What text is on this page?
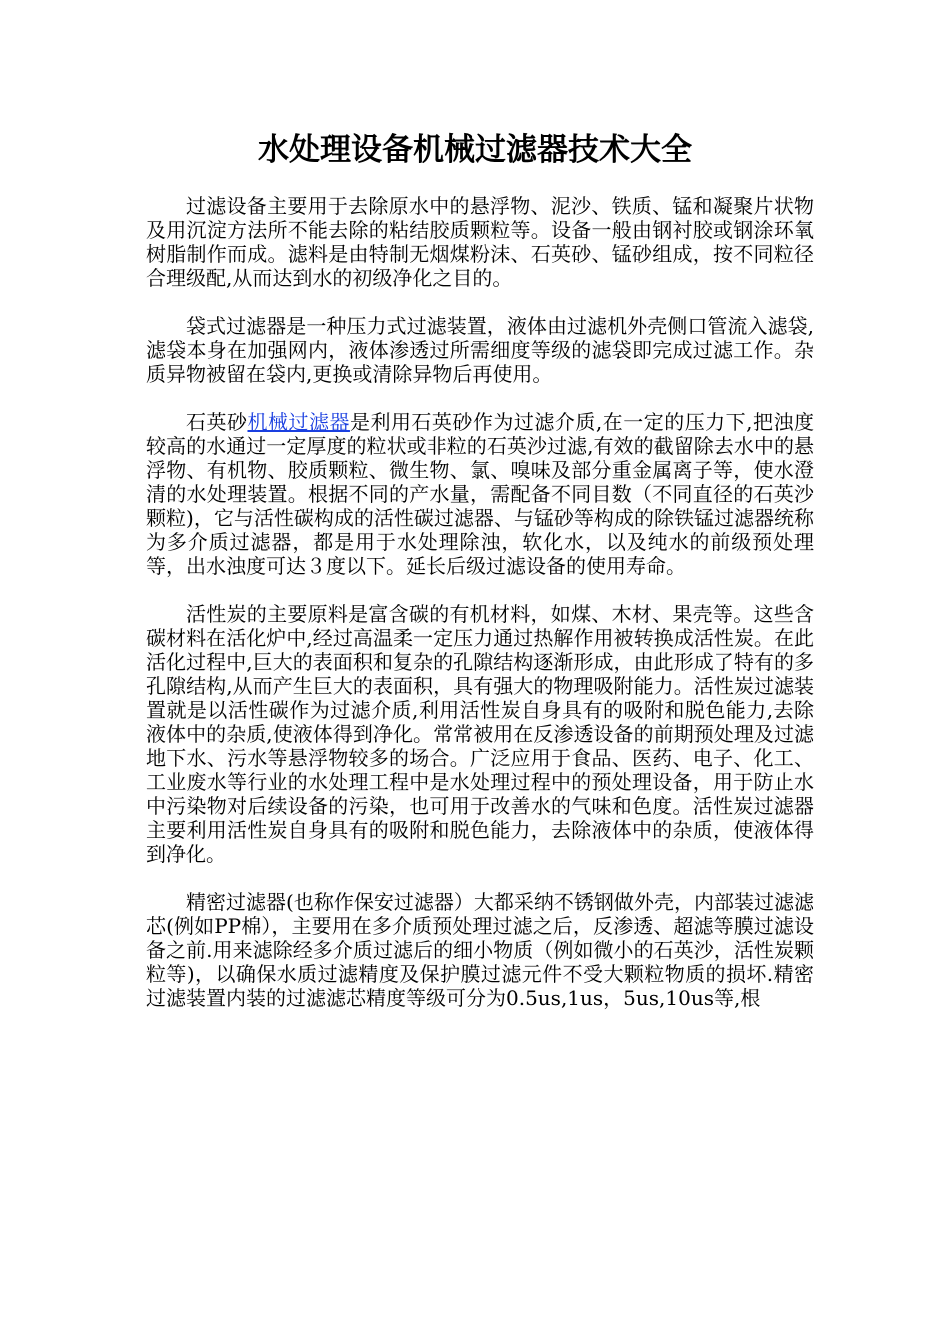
水处理设备机械过滤器技术大全

过滤设备主要用于去除原水中的悬浮物、泥沙、铁质、锰和凝聚片状物及用沉淀方法所不能去除的粘结胶质颗粒等。设备一般由钢衬胶或钢涂环氧树脂制作而成。滤料是由特制无烟煤粉沫、石英砂、锰砂组成，按不同粒径合理级配,从而达到水的初级净化之目的。

袋式过滤器是一种压力式过滤装置，液体由过滤机外壳侧口管流入滤袋,滤袋本身在加强网内，液体渗透过所需细度等级的滤袋即完成过滤工作。杂质异物被留在袋内,更换或清除异物后再使用。

石英砂机械过滤器是利用石英砂作为过滤介质,在一定的压力下,把浊度较高的水通过一定厚度的粒状或非粒的石英沙过滤,有效的截留除去水中的悬浮物、有机物、胶质颗粒、微生物、氯、嗅味及部分重金属离子等，使水澄清的水处理装置。根据不同的产水量，需配备不同目数（不同直径的石英沙颗粒)，它与活性碳构成的活性碳过滤器、与锰砂等构成的除铁锰过滤器统称为多介质过滤器，都是用于水处理除浊，软化水，以及纯水的前级预处理等，出水浊度可达３度以下。延长后级过滤设备的使用寿命。

活性炭的主要原料是富含碳的有机材料，如煤、木材、果壳等。这些含碳材料在活化炉中,经过高温柔一定压力通过热解作用被转换成活性炭。在此活化过程中,巨大的表面积和复杂的孔隙结构逐渐形成，由此形成了特有的多孔隙结构,从而产生巨大的表面积，具有强大的物理吸附能力。活性炭过滤装置就是以活性碳作为过滤介质,利用活性炭自身具有的吸附和脱色能力,去除液体中的杂质,使液体得到净化。常常被用在反渗透设备的前期预处理及过滤地下水、污水等悬浮物较多的场合。广泛应用于食品、医药、电子、化工、工业废水等行业的水处理工程中是水处理过程中的预处理设备，用于防止水中污染物对后续设备的污染，也可用于改善水的气味和色度。活性炭过滤器主要利用活性炭自身具有的吸附和脱色能力，去除液体中的杂质，使液体得到净化。

精密过滤器(也称作保安过滤器）大都采纳不锈钢做外壳，内部装过滤滤芯(例如PP棉），主要用在多介质预处理过滤之后，反渗透、超滤等膜过滤设备之前.用来滤除经多介质过滤后的细小物质（例如微小的石英沙，活性炭颗粒等)，以确保水质过滤精度及保护膜过滤元件不受大颗粒物质的损坏.精密过滤装置内装的过滤滤芯精度等级可分为0.5us,1us，5us,10us等,根
